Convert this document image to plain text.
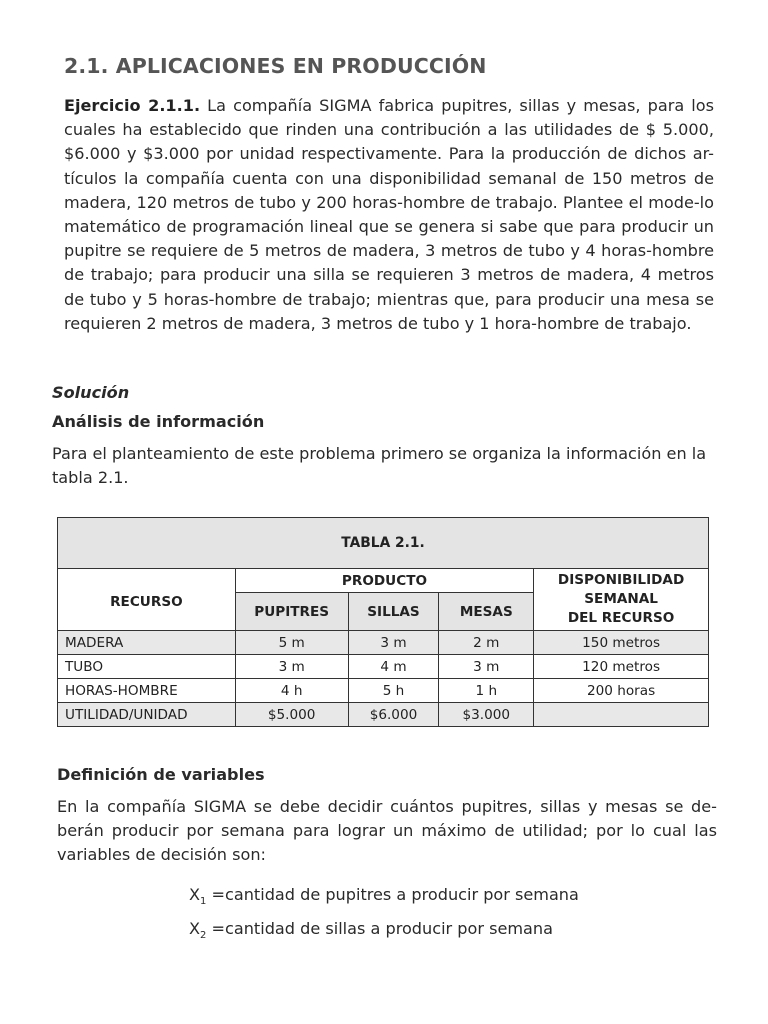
2.1. APLICACIONES EN PRODUCCIÓN
Ejercicio 2.1.1. La compañía SIGMA fabrica pupitres, sillas y mesas, para los cuales ha establecido que rinden una contribución a las utilidades de $ 5.000, $6.000 y $3.000 por unidad respectivamente. Para la producción de dichos ar-tículos la compañía cuenta con una disponibilidad semanal de 150 metros de madera, 120 metros de tubo y 200 horas-hombre de trabajo. Plantee el mode-lo matemático de programación lineal que se genera si sabe que para producir un pupitre se requiere de 5 metros de madera, 3 metros de tubo y 4 horas-hombre de trabajo; para producir una silla se requieren 3 metros de madera, 4 metros de tubo y 5 horas-hombre de trabajo; mientras que, para producir una mesa se requieren 2 metros de madera, 3 metros de tubo y 1 hora-hombre de trabajo.
Solución
Análisis de información
Para el planteamiento de este problema primero se organiza la información en la tabla 2.1.
TABLA 2.1.				
RECURSO	PRODUCTO			DISPONIBILIDAD
SEMANAL
DEL RECURSO

	PUPITRES	SILLAS	MESAS	
MADERA	5 m	3 m	2 m	150 metros
TUBO	3 m	4 m	3 m	120 metros
HORAS-HOMBRE	4 h	5 h	1 h	200 horas
UTILIDAD/UNIDAD	$5.000	$6.000	$3.000	
Definición de variables
En la compañía SIGMA se debe decidir cuántos pupitres, sillas y mesas se de-berán producir por semana para lograr un máximo de utilidad; por lo cual las variables de decisión son:
$X_1$ =cantidad de pupitres a producir por semana
$X_2$ =cantidad de sillas a producir por semana
